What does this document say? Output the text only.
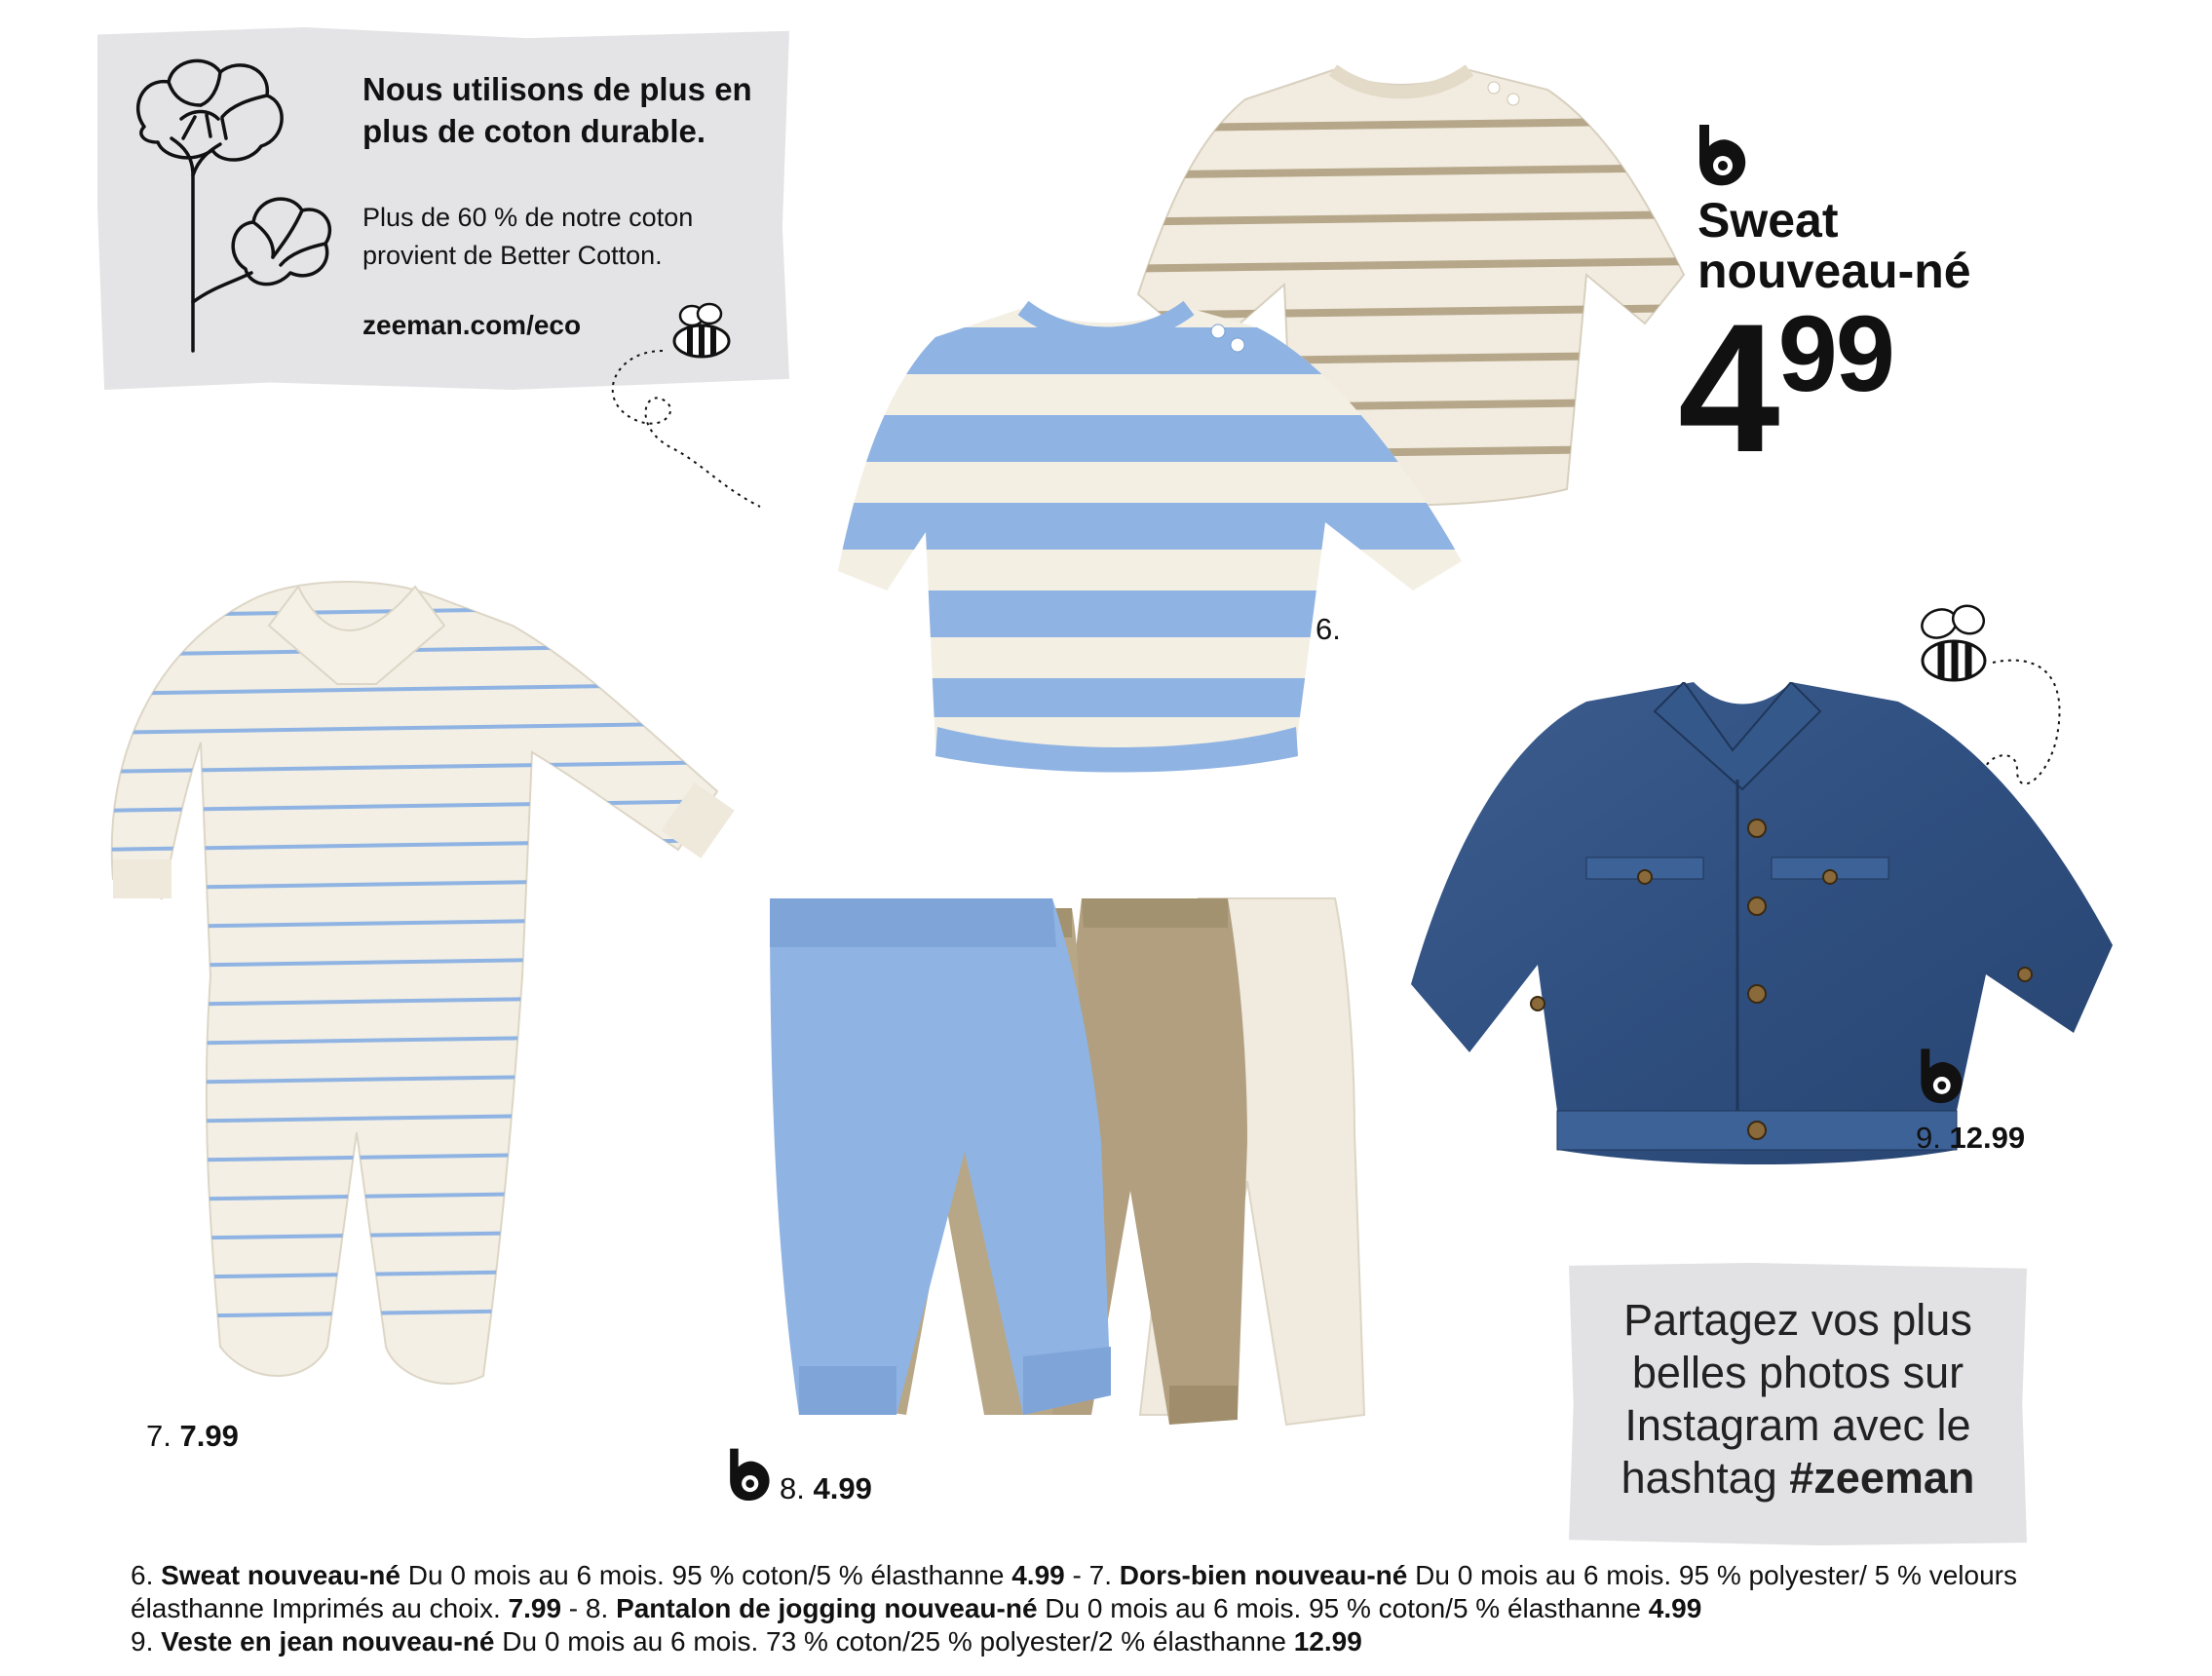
Nous utilisons de plus en plus de coton durable.
Plus de 60 % de notre coton provient de Better Cotton.
zeeman.com/eco
6.
Sweat
nouveau-né
499
7. 7.99
8. 4.99
9. 12.99
Partagez vos plus
belles photos sur
Instagram avec le
hashtag #zeeman
6. Sweat nouveau-né Du 0 mois au 6 mois. 95 % coton/5 % élasthanne 4.99 - 7. Dors-bien nouveau-né Du 0 mois au 6 mois. 95 % polyester/ 5 % velours élasthanne Imprimés au choix. 7.99 - 8. Pantalon de jogging nouveau-né Du 0 mois au 6 mois. 95 % coton/5 % élasthanne 4.99
9. Veste en jean nouveau-né Du 0 mois au 6 mois. 73 % coton/25 % polyester/2 % élasthanne 12.99
